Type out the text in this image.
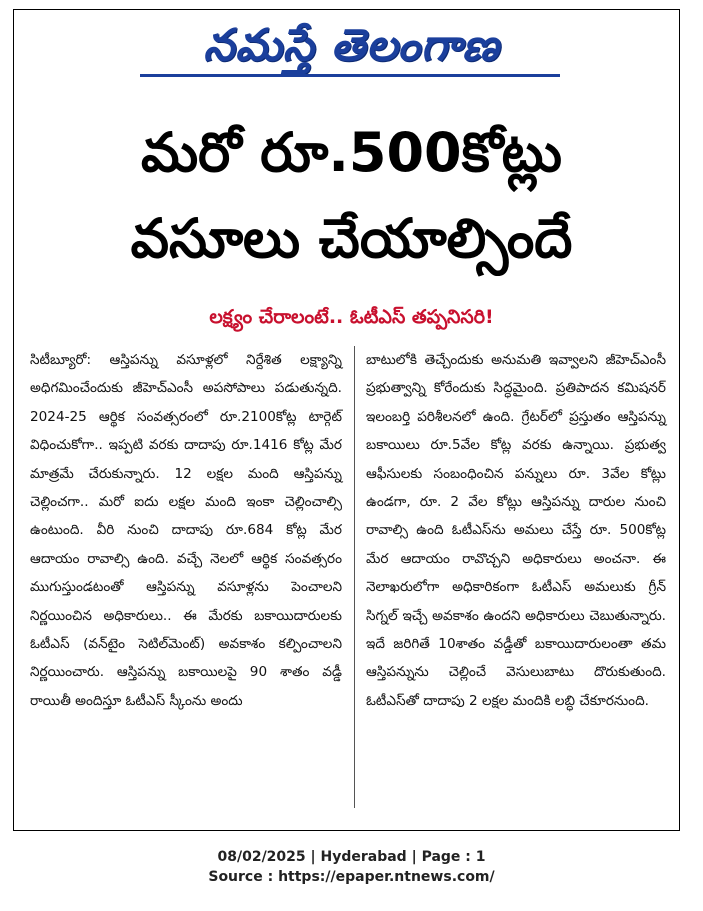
నమస్తే తెలంగాణ
మరో రూ.500కోట్లు
వసూలు చేయాల్సిందే
లక్ష్యం చేరాలంటే.. ఓటీఎస్ తప్పనిసరి!
సిటీబ్యూరో: ఆస్తిపన్ను వసూళ్లలో నిర్దేశిత లక్ష్యాన్ని అధిగమించేందుకు జీహెచ్ఎంసీ అపసోపాలు పడుతున్నది. 2024-25 ఆర్థిక సంవత్సరంలో రూ.2100కోట్ల టార్గెట్ విధించుకోగా.. ఇప్పటి వరకు దాదాపు రూ.1416 కోట్ల మేర మాత్రమే చేరుకున్నారు. 12 లక్షల మంది ఆస్తిపన్ను చెల్లించగా.. మరో ఐదు లక్షల మంది ఇంకా చెల్లించాల్సి ఉంటుంది. వీరి నుంచి దాదాపు రూ.684 కోట్ల మేర ఆదాయం రావాల్సి ఉంది. వచ్చే నెలలో ఆర్థిక సంవత్సరం ముగుస్తుండటంతో ఆస్తిపన్ను వసూళ్లను పెంచాలని నిర్ణయించిన అధికారులు.. ఈ మేరకు బకాయిదారులకు ఓటీఎస్ (వన్‌టైం సెటిల్‌మెంట్) అవకాశం కల్పించాలని నిర్ణయించారు. ఆస్తిపన్ను బకాయిలపై 90 శాతం వడ్డీ రాయితీ అందిస్తూ ఓటీఎస్ స్కీంను అందు
బాటులోకి తెచ్చేందుకు అనుమతి ఇవ్వాలని జీహెచ్ఎంసీ ప్రభుత్వాన్ని కోరేందుకు సిద్ధమైంది. ప్రతిపాదన కమిషనర్ ఇలంబర్తి పరిశీలనలో ఉంది. గ్రేటర్‌లో ప్రస్తుతం ఆస్తిపన్ను బకాయిలు రూ.5వేల కోట్ల వరకు ఉన్నాయి. ప్రభుత్వ ఆఫీసులకు సంబంధించిన పన్నులు రూ. 3వేల కోట్లు ఉండగా, రూ. 2 వేల కోట్లు ఆస్తిపన్ను దారుల నుంచి రావాల్సి ఉంది ఓటీఎస్‌ను అమలు చేస్తే రూ. 500కోట్ల మేర ఆదాయం రావొచ్చని అధికారులు అంచనా. ఈ నెలాఖరులోగా అధికారికంగా ఓటీఎస్ అమలుకు గ్రీన్ సిగ్నల్ ఇచ్చే అవకాశం ఉందని అధికారులు చెబుతున్నారు. ఇదే జరిగితే 10శాతం వడ్డీతో బకాయిదారులంతా తమ ఆస్తిపన్నును చెల్లించే వెసులుబాటు దొరుకుతుంది. ఓటీఎస్‌తో దాదాపు 2 లక్షల మందికి లబ్ధి చేకూరనుంది.
08/02/2025 | Hyderabad | Page : 1
Source : https://epaper.ntnews.com/
